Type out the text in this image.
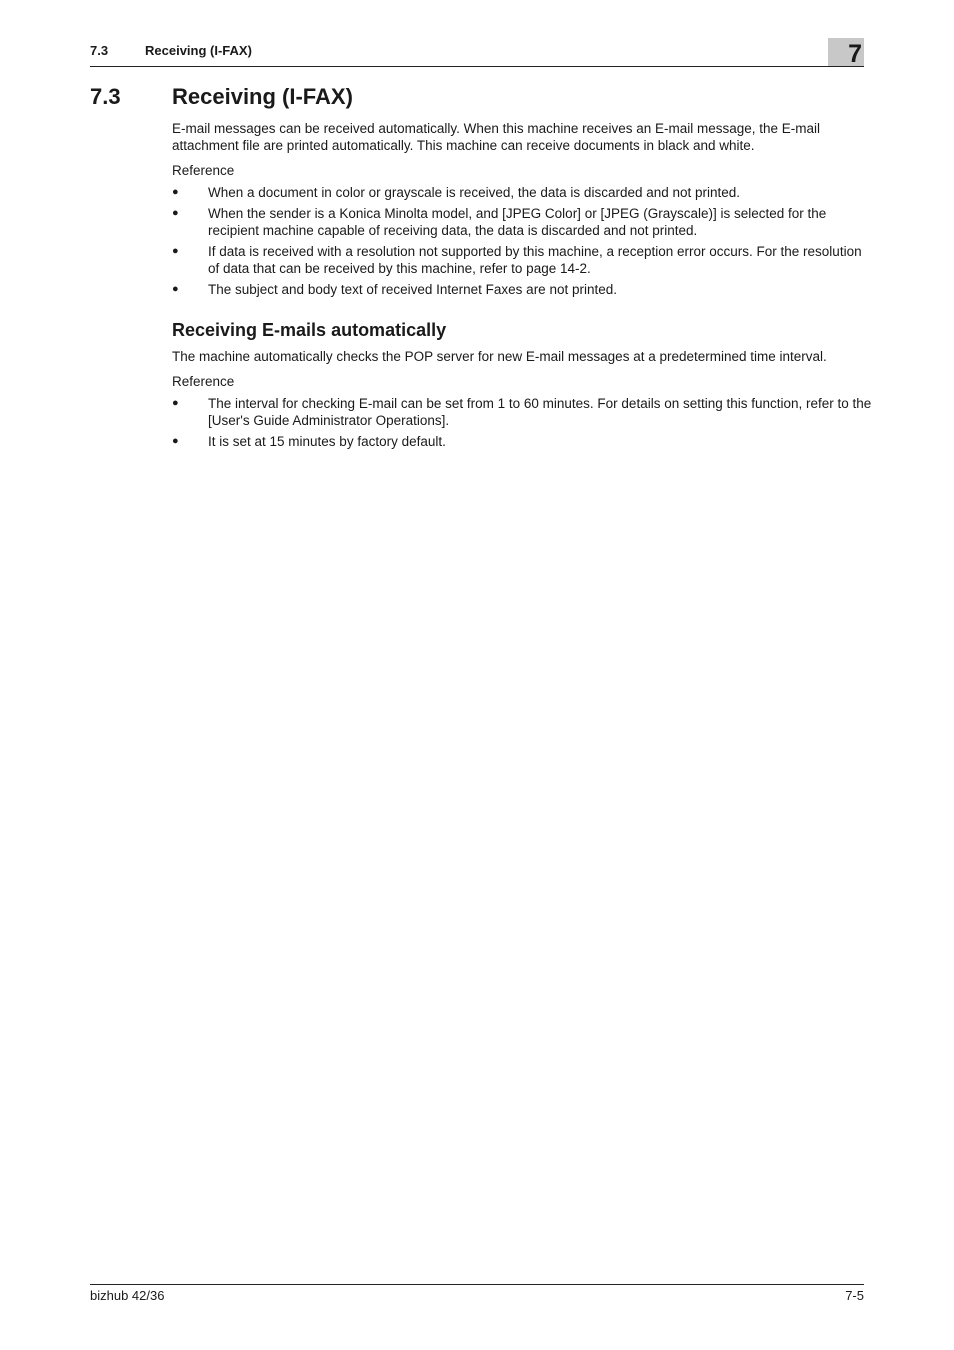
7.3	Receiving (I-FAX)	7
7.3 Receiving (I-FAX)

E-mail messages can be received automatically. When this machine receives an E-mail message, the E-mail attachment file are printed automatically. This machine can receive documents in black and white.

Reference

● When a document in color or grayscale is received, the data is discarded and not printed.
● When the sender is a Konica Minolta model, and [JPEG Color] or [JPEG (Grayscale)] is selected for the recipient machine capable of receiving data, the data is discarded and not printed.
● If data is received with a resolution not supported by this machine, a reception error occurs. For the resolution of data that can be received by this machine, refer to page 14-2.
● The subject and body text of received Internet Faxes are not printed.
Receiving E-mails automatically

The machine automatically checks the POP server for new E-mail messages at a predetermined time interval.

Reference

● The interval for checking E-mail can be set from 1 to 60 minutes. For details on setting this function, refer to the [User's Guide Administrator Operations].
● It is set at 15 minutes by factory default.
bizhub 42/36	7-5
